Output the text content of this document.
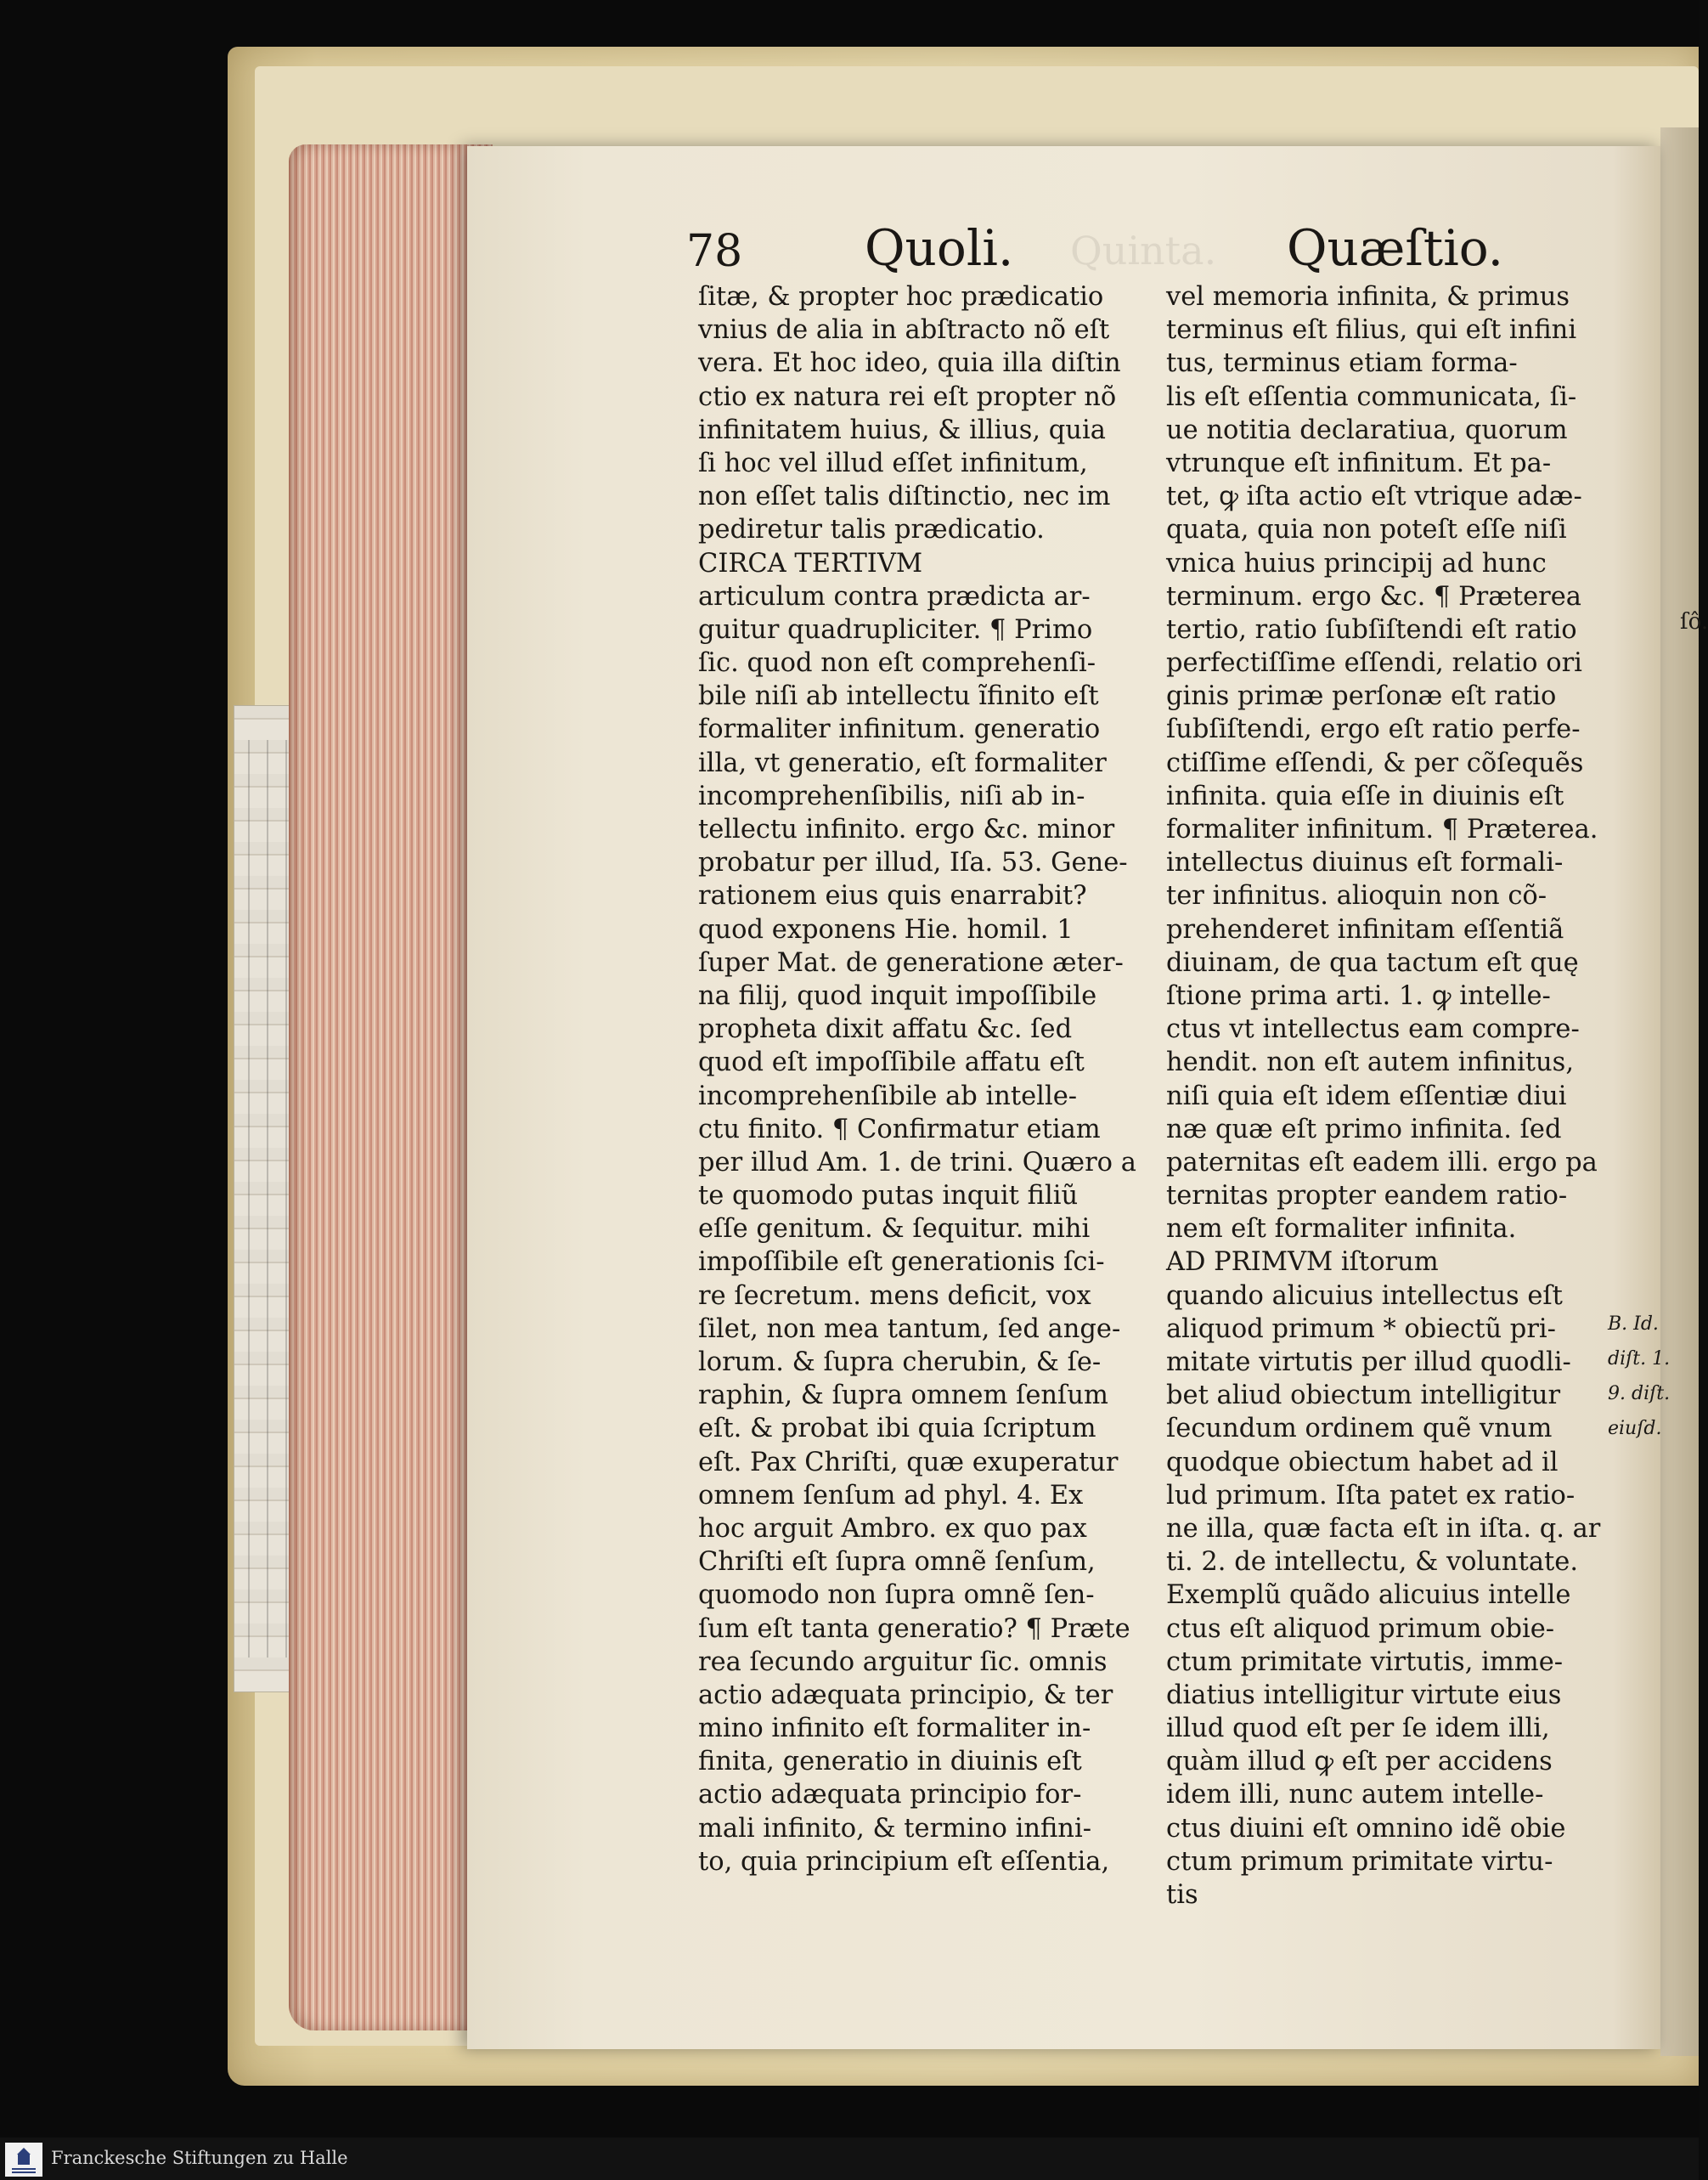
78 Quoli. Quinta. Quæſtio.
ſitæ, & propter hoc prædicatio
vnius de alia in abſtracto nõ eſt
vera. Et hoc ideo, quia illa diſtin
ctio ex natura rei eſt propter nõ
infinitatem huius, & illius, quia
ſi hoc vel illud eſſet infinitum,
non eſſet talis diſtinctio, nec im
pediretur talis prædicatio.
CIRCA TERTIVM
articulum contra prædicta ar-
guitur quadrupliciter. ¶ Primo
ſic. quod non eſt comprehenſi-
bile niſi ab intellectu ĩfinito eſt
formaliter infinitum. generatio
illa, vt generatio, eſt formaliter
incomprehenſibilis, niſi ab in-
tellectu infinito. ergo &c. minor
probatur per illud, Iſa. 53. Gene-
rationem eius quis enarrabit?
quod exponens Hie. homil. 1
ſuper Mat. de generatione æter-
na filij, quod inquit impoſſibile
propheta dixit affatu &c. ſed
quod eſt impoſſibile affatu eſt
incomprehenſibile ab intelle-
ctu finito. ¶ Confirmatur etiam
per illud Am. 1. de trini. Quæro a
te quomodo putas inquit filiũ
eſſe genitum. & ſequitur. mihi
impoſſibile eſt generationis ſci-
re ſecretum. mens deficit, vox
ſilet, non mea tantum, ſed ange-
lorum. & ſupra cherubin, & ſe-
raphin, & ſupra omnem ſenſum
eſt. & probat ibi quia ſcriptum
eſt. Pax Chriſti, quæ exuperatur
omnem ſenſum ad phyl. 4. Ex
hoc arguit Ambro. ex quo pax
Chriſti eſt ſupra omnẽ ſenſum,
quomodo non ſupra omnẽ ſen-
ſum eſt tanta generatio? ¶ Præte
rea ſecundo arguitur ſic. omnis
actio adæquata principio, & ter
mino infinito eſt formaliter in-
finita, generatio in diuinis eſt
actio adæquata principio for-
mali infinito, & termino infini-
to, quia principium eſt eſſentia,
vel memoria infinita, & primus
terminus eſt filius, qui eſt infini
tus, terminus etiam forma-
lis eſt eſſentia communicata, ſi-
ue notitia declaratiua, quorum
vtrunque eſt infinitum. Et pa-
tet, ꝙ iſta actio eſt vtrique adæ-
quata, quia non poteſt eſſe niſi
vnica huius principij ad hunc
terminum. ergo &c. ¶ Præterea
tertio, ratio ſubſiſtendi eſt ratio
perfectiſſime eſſendi, relatio ori
ginis primæ perſonæ eſt ratio
ſubſiſtendi, ergo eſt ratio perfe-
ctiſſime eſſendi, & per cõſequẽs
infinita. quia eſſe in diuinis eſt
formaliter infinitum. ¶ Præterea.
intellectus diuinus eſt formali-
ter infinitus. alioquin non cõ-
prehenderet infinitam eſſentiã
diuinam, de qua tactum eſt quę
ſtione prima arti. 1. ꝙ intelle-
ctus vt intellectus eam compre-
hendit. non eſt autem infinitus,
niſi quia eſt idem eſſentiæ diui
næ quæ eſt primo infinita. ſed
paternitas eſt eadem illi. ergo pa
ternitas propter eandem ratio-
nem eſt formaliter infinita.
AD PRIMVM iſtorum
quando alicuius intellectus eſt
aliquod primum * obiectũ pri-
mitate virtutis per illud quodli-
bet aliud obiectum intelligitur
ſecundum ordinem quẽ vnum
quodque obiectum habet ad il
lud primum. Iſta patet ex ratio-
ne illa, quæ facta eſt in iſta. q. ar
ti. 2. de intellectu, & voluntate.
Exemplũ quãdo alicuius intelle
ctus eſt aliquod primum obie-
ctum primitate virtutis, imme-
diatius intelligitur virtute eius
illud quod eſt per ſe idem illi,
quàm illud ꝙ eſt per accidens
idem illi, nunc autem intelle-
ctus diuini eſt omnino idẽ obie
ctum primum primitate virtu-
tis
B. Id.
diſt. 1.
9. diſt.
eiuſd.
ſô.
Franckesche Stiftungen zu Halle
